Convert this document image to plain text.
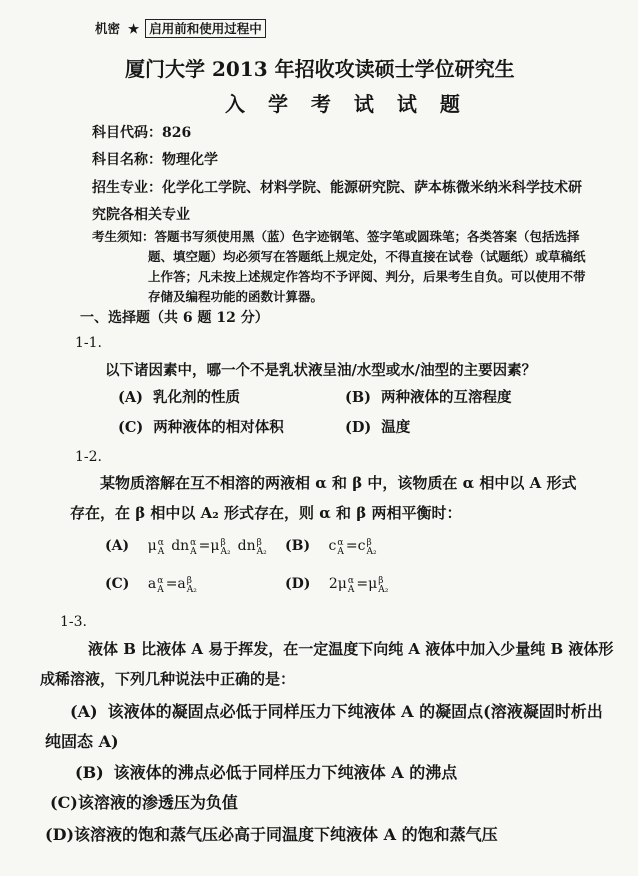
机密 ★ 启用前和使用过程中
厦门大学 2013 年招收攻读硕士学位研究生
入 学 考 试 试 题
科目代码：826
科目名称：物理化学
招生专业：化学化工学院、材料学院、能源研究院、萨本栋微米纳米科学技术研
究院各相关专业
考生须知：答题书写须使用黑（蓝）色字迹钢笔、签字笔或圆珠笔；各类答案（包括选择
题、填空题）均必须写在答题纸上规定处，不得直接在试卷（试题纸）或草稿纸
上作答；凡未按上述规定作答均不予评阅、判分，后果考生自负。可以使用不带
存储及编程功能的函数计算器。
一、选择题（共 6 题 12 分）
1-1.
以下诸因素中，哪一个不是乳状液呈油/水型或水/油型的主要因素？
(A) 乳化剂的性质	(B) 两种液体的互溶程度
(C) 两种液体的相对体积	(D) 温度
1-2.
某物质溶解在互不相溶的两液相 α 和 β 中，该物质在 α 相中以 A 形式
存在，在 β 相中以 A₂ 形式存在，则 α 和 β 两相平衡时：
(A) μ α
A dn α
A =μ β
A₂ dn β
A₂ (B) c α
A =c β
A₂
(C) a α
A =a β
A₂	(D) 2μ α
A =μ β
A₂
1-3.
液体 B 比液体 A 易于挥发，在一定温度下向纯 A 液体中加入少量纯 B 液体形
成稀溶液，下列几种说法中正确的是：
(A) 该液体的凝固点必低于同样压力下纯液体 A 的凝固点(溶液凝固时析出
纯固态 A)
(B) 该液体的沸点必低于同样压力下纯液体 A 的沸点
(C)该溶液的渗透压为负值
(D)该溶液的饱和蒸气压必高于同温度下纯液体 A 的饱和蒸气压
